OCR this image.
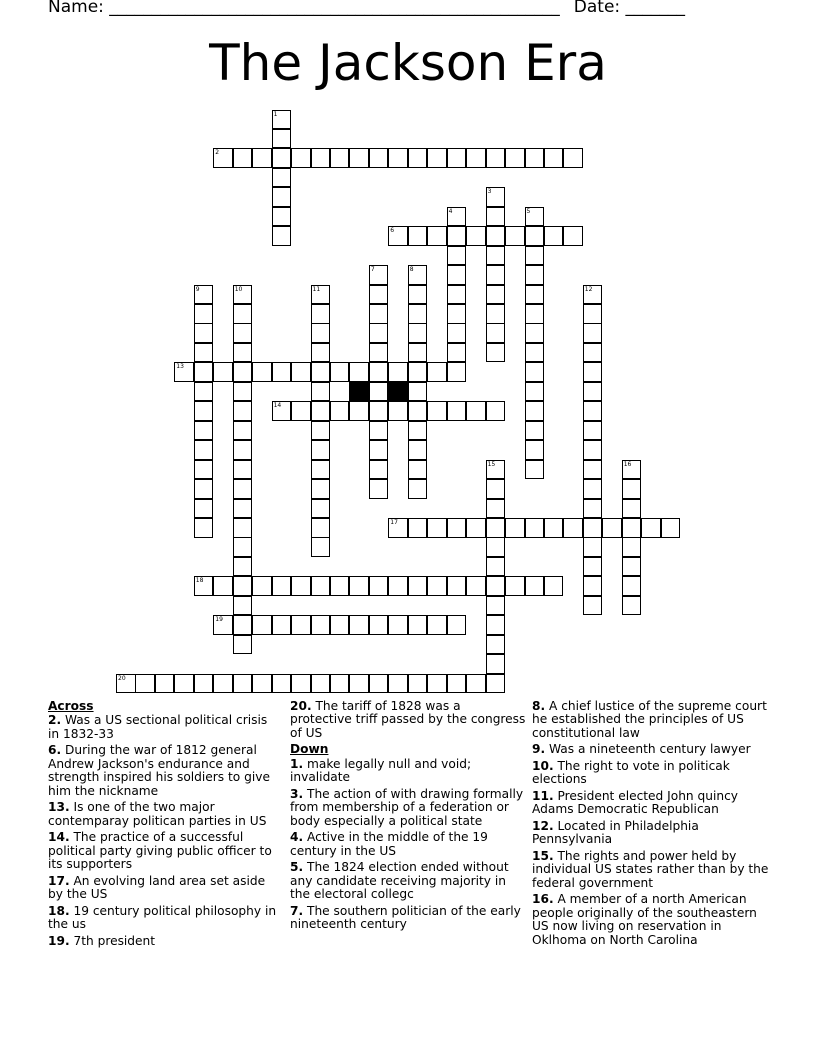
Name: _____________________________________________________ Date: _______
The Jackson Era
1
2
3
4	5
6
7	8
9	10	11	12
13
14
15	16
17
18
19
20
Across
2. Was a US sectional political crisis in 1832-33
6. During the war of 1812 general Andrew Jackson's endurance and strength inspired his soldiers to give him the nickname
13. Is one of the two major contemparay politican parties in US
14. The practice of a successful political party giving public officer to its supporters
17. An evolving land area set aside by the US
18. 19 century political philosophy in the us
19. 7th president
20. The tariff of 1828 was a protective triff passed by the congress of US
Down
1. make legally null and void; invalidate
3. The action of with drawing formally from membership of a federation or body especially a political state
4. Active in the middle of the 19 century in the US
5. The 1824 election ended without any candidate receiving majority in the electoral collegc
7. The southern politician of the early nineteenth century
8. A chief lustice of the supreme court he established the principles of US constitutional law
9. Was a nineteenth century lawyer
10. The right to vote in politicak elections
11. President elected John quincy Adams Democratic Republican
12. Located in Philadelphia Pennsylvania
15. The rights and power held by individual US states rather than by the federal government
16. A member of a north American people originally of the southeastern US now living on reservation in Oklhoma on North Carolina
